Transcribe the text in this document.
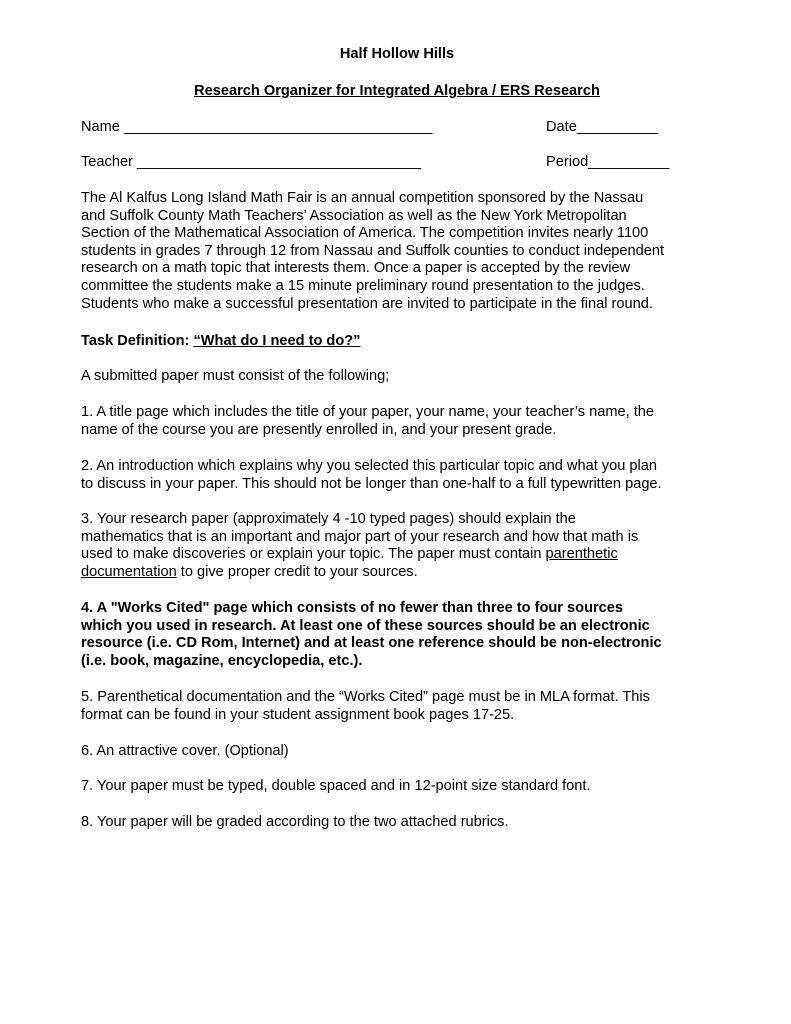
Half Hollow Hills
Research Organizer for Integrated Algebra / ERS Research
Name ______________________________________	Date__________
Teacher ___________________________________	Period__________
The Al Kalfus Long Island Math Fair is an annual competition sponsored by the Nassau
and Suffolk County Math Teachers’ Association as well as the New York Metropolitan
Section of the Mathematical Association of America. The competition invites nearly 1100
students in grades 7 through 12 from Nassau and Suffolk counties to conduct independent
research on a math topic that interests them. Once a paper is accepted by the review
committee the students make a 15 minute preliminary round presentation to the judges.
Students who make a successful presentation are invited to participate in the final round.
Task Definition: “What do I need to do?”
A submitted paper must consist of the following;
1. A title page which includes the title of your paper, your name, your teacher’s name, the
name of the course you are presently enrolled in, and your present grade.
2. An introduction which explains why you selected this particular topic and what you plan
to discuss in your paper. This should not be longer than one-half to a full typewritten page.
3. Your research paper (approximately 4 -10 typed pages) should explain the
mathematics that is an important and major part of your research and how that math is
used to make discoveries or explain your topic. The paper must contain parenthetic
documentation to give proper credit to your sources.
4. A "Works Cited" page which consists of no fewer than three to four sources
which you used in research. At least one of these sources should be an electronic
resource (i.e. CD Rom, Internet) and at least one reference should be non-electronic
(i.e. book, magazine, encyclopedia, etc.).
5. Parenthetical documentation and the “Works Cited” page must be in MLA format. This
format can be found in your student assignment book pages 17-25.
6. An attractive cover. (Optional)
7. Your paper must be typed, double spaced and in 12-point size standard font.
8. Your paper will be graded according to the two attached rubrics.
